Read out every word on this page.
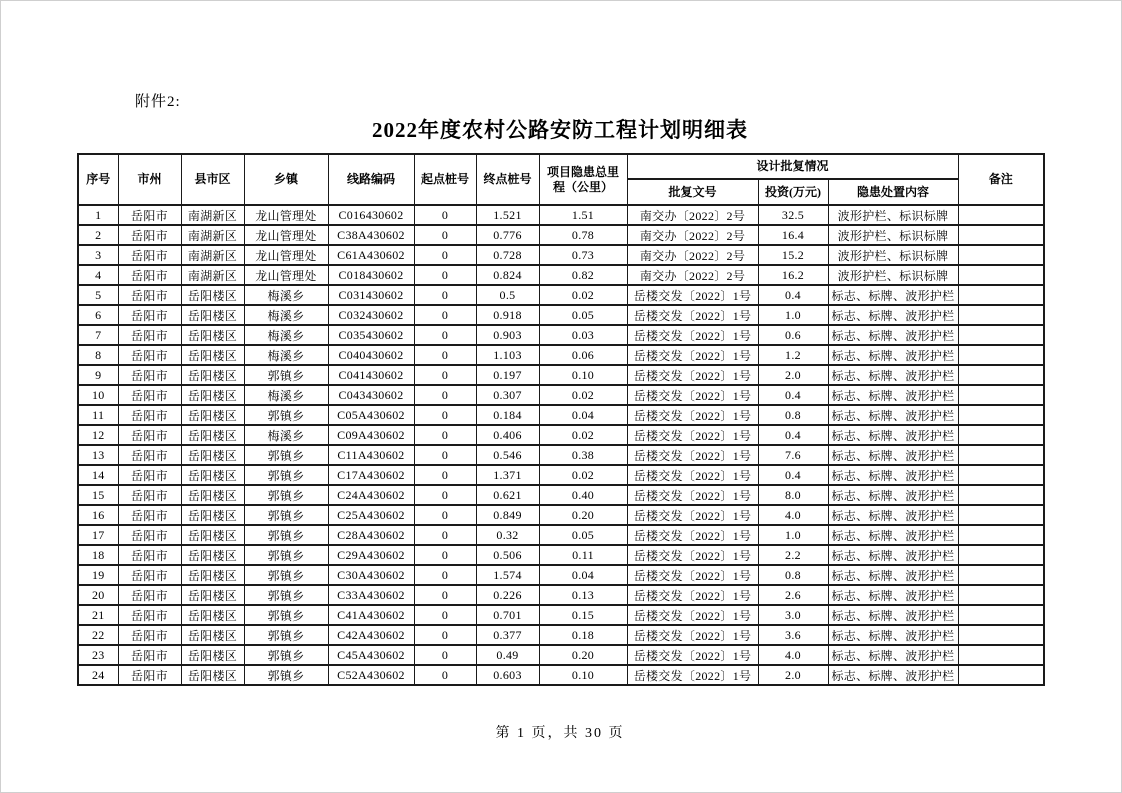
附件2:
2022年度农村公路安防工程计划明细表
序号	市州	县市区	乡镇	线路编码	起点桩号	终点桩号	项目隐患总里程（公里）	设计批复情况			备注
								批复文号	投资(万元)	隐患处置内容	
1	岳阳市	南湖新区	龙山管理处	C016430602	0	1.521	1.51	南交办〔2022〕2号	32.5	波形护栏、标识标牌	
2	岳阳市	南湖新区	龙山管理处	C38A430602	0	0.776	0.78	南交办〔2022〕2号	16.4	波形护栏、标识标牌	
3	岳阳市	南湖新区	龙山管理处	C61A430602	0	0.728	0.73	南交办〔2022〕2号	15.2	波形护栏、标识标牌	
4	岳阳市	南湖新区	龙山管理处	C018430602	0	0.824	0.82	南交办〔2022〕2号	16.2	波形护栏、标识标牌	
5	岳阳市	岳阳楼区	梅溪乡	C031430602	0	0.5	0.02	岳楼交发〔2022〕1号	0.4	标志、标牌、波形护栏	
6	岳阳市	岳阳楼区	梅溪乡	C032430602	0	0.918	0.05	岳楼交发〔2022〕1号	1.0	标志、标牌、波形护栏	
7	岳阳市	岳阳楼区	梅溪乡	C035430602	0	0.903	0.03	岳楼交发〔2022〕1号	0.6	标志、标牌、波形护栏	
8	岳阳市	岳阳楼区	梅溪乡	C040430602	0	1.103	0.06	岳楼交发〔2022〕1号	1.2	标志、标牌、波形护栏	
9	岳阳市	岳阳楼区	郭镇乡	C041430602	0	0.197	0.10	岳楼交发〔2022〕1号	2.0	标志、标牌、波形护栏	
10	岳阳市	岳阳楼区	梅溪乡	C043430602	0	0.307	0.02	岳楼交发〔2022〕1号	0.4	标志、标牌、波形护栏	
11	岳阳市	岳阳楼区	郭镇乡	C05A430602	0	0.184	0.04	岳楼交发〔2022〕1号	0.8	标志、标牌、波形护栏	
12	岳阳市	岳阳楼区	梅溪乡	C09A430602	0	0.406	0.02	岳楼交发〔2022〕1号	0.4	标志、标牌、波形护栏	
13	岳阳市	岳阳楼区	郭镇乡	C11A430602	0	0.546	0.38	岳楼交发〔2022〕1号	7.6	标志、标牌、波形护栏	
14	岳阳市	岳阳楼区	郭镇乡	C17A430602	0	1.371	0.02	岳楼交发〔2022〕1号	0.4	标志、标牌、波形护栏	
15	岳阳市	岳阳楼区	郭镇乡	C24A430602	0	0.621	0.40	岳楼交发〔2022〕1号	8.0	标志、标牌、波形护栏	
16	岳阳市	岳阳楼区	郭镇乡	C25A430602	0	0.849	0.20	岳楼交发〔2022〕1号	4.0	标志、标牌、波形护栏	
17	岳阳市	岳阳楼区	郭镇乡	C28A430602	0	0.32	0.05	岳楼交发〔2022〕1号	1.0	标志、标牌、波形护栏	
18	岳阳市	岳阳楼区	郭镇乡	C29A430602	0	0.506	0.11	岳楼交发〔2022〕1号	2.2	标志、标牌、波形护栏	
19	岳阳市	岳阳楼区	郭镇乡	C30A430602	0	1.574	0.04	岳楼交发〔2022〕1号	0.8	标志、标牌、波形护栏	
20	岳阳市	岳阳楼区	郭镇乡	C33A430602	0	0.226	0.13	岳楼交发〔2022〕1号	2.6	标志、标牌、波形护栏	
21	岳阳市	岳阳楼区	郭镇乡	C41A430602	0	0.701	0.15	岳楼交发〔2022〕1号	3.0	标志、标牌、波形护栏	
22	岳阳市	岳阳楼区	郭镇乡	C42A430602	0	0.377	0.18	岳楼交发〔2022〕1号	3.6	标志、标牌、波形护栏	
23	岳阳市	岳阳楼区	郭镇乡	C45A430602	0	0.49	0.20	岳楼交发〔2022〕1号	4.0	标志、标牌、波形护栏	
24	岳阳市	岳阳楼区	郭镇乡	C52A430602	0	0.603	0.10	岳楼交发〔2022〕1号	2.0	标志、标牌、波形护栏	
第 1 页，共 30 页
